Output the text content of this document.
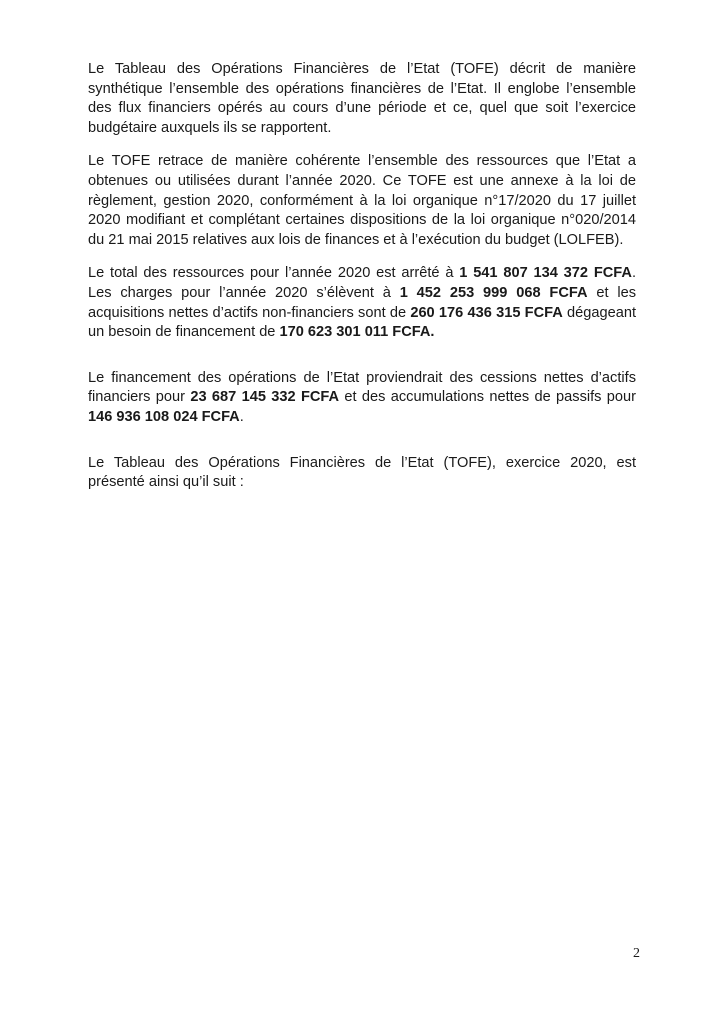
Le Tableau des Opérations Financières de l’Etat (TOFE) décrit de manière synthétique l’ensemble des opérations financières de l’Etat. Il englobe l’ensemble des flux financiers opérés au cours d’une période et ce, quel que soit l’exercice budgétaire auxquels ils se rapportent.

Le TOFE retrace de manière cohérente l’ensemble des ressources que l’Etat a obtenues ou utilisées durant l’année 2020. Ce TOFE est une annexe à la loi de règlement, gestion 2020, conformément à la loi organique n°17/2020 du 17 juillet 2020 modifiant et complétant certaines dispositions de la loi organique n°020/2014 du 21 mai 2015 relatives aux lois de finances et à l’exécution du budget (LOLFEB).

Le total des ressources pour l’année 2020 est arrêté à 1 541 807 134 372 FCFA. Les charges pour l’année 2020 s’élèvent à 1 452 253 999 068 FCFA et les acquisitions nettes d’actifs non-financiers sont de 260 176 436 315 FCFA dégageant un besoin de financement de 170 623 301 011 FCFA.

Le financement des opérations de l’Etat proviendrait des cessions nettes d’actifs financiers pour 23 687 145 332 FCFA et des accumulations nettes de passifs pour 146 936 108 024 FCFA.

Le Tableau des Opérations Financières de l’Etat (TOFE), exercice 2020, est présenté ainsi qu’il suit :

2
